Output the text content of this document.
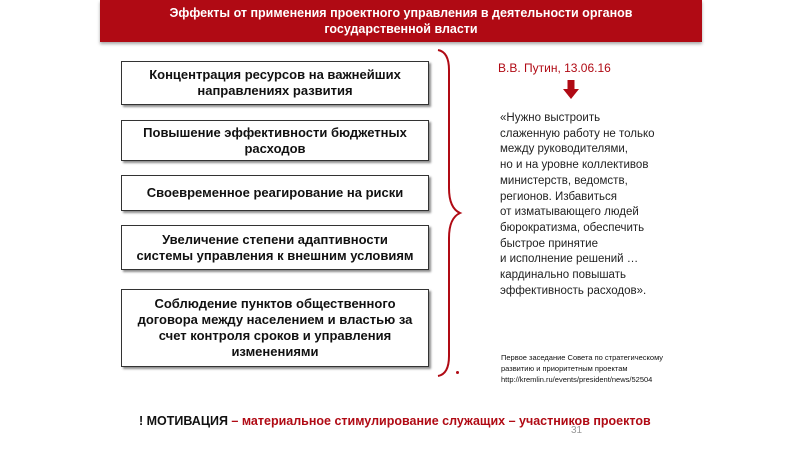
Эффекты от применения проектного управления в деятельности органов
государственной власти
Концентрация ресурсов на важнейших
направлениях развития
Повышение эффективности бюджетных
расходов
Своевременное реагирование на риски
Увеличение степени адаптивности
системы управления к внешним условиям
Соблюдение пунктов общественного
договора между населением и властью за
счет контроля сроков и управления
изменениями
В.В. Путин, 13.06.16
«Нужно выстроить
слаженную работу не только
между руководителями,
но и на уровне коллективов
министерств, ведомств,
регионов. Избавиться
от изматывающего людей
бюрократизма, обеспечить
быстрое принятие
и исполнение решений …
кардинально повышать
эффективность расходов».
Первое заседание Совета по стратегическому
развитию и приоритетным проектам
http://kremlin.ru/events/president/news/52504
! МОТИВАЦИЯ – материальное стимулирование служащих – участников проектов
31
